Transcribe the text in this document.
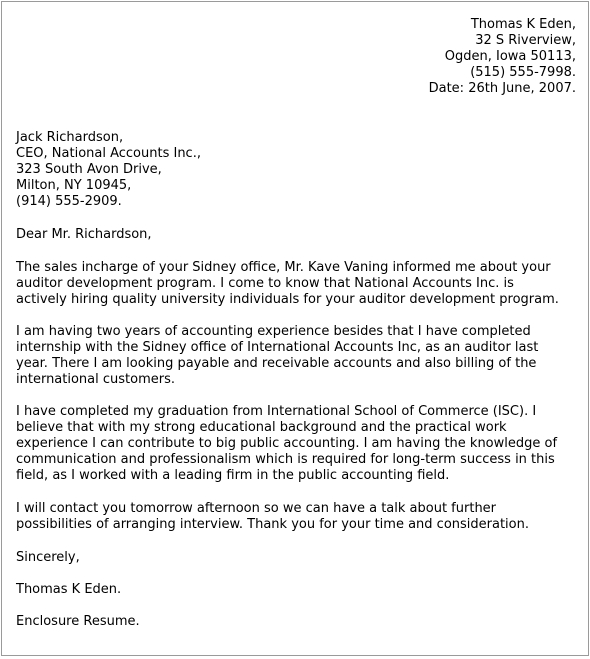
Thomas K Eden,
32 S Riverview,
Ogden, Iowa 50113,
(515) 555-7998.
Date: 26th June, 2007.
Jack Richardson,
CEO, National Accounts Inc.,
323 South Avon Drive,
Milton, NY 10945,
(914) 555-2909.

Dear Mr. Richardson,

The sales incharge of your Sidney office, Mr. Kave Vaning informed me about your
auditor development program. I come to know that National Accounts Inc. is
actively hiring quality university individuals for your auditor development program.

I am having two years of accounting experience besides that I have completed
internship with the Sidney office of International Accounts Inc, as an auditor last
year. There I am looking payable and receivable accounts and also billing of the
international customers.

I have completed my graduation from International School of Commerce (ISC). I
believe that with my strong educational background and the practical work
experience I can contribute to big public accounting. I am having the knowledge of
communication and professionalism which is required for long-term success in this
field, as I worked with a leading firm in the public accounting field.

I will contact you tomorrow afternoon so we can have a talk about further
possibilities of arranging interview. Thank you for your time and consideration.

Sincerely,

Thomas K Eden.

Enclosure Resume.
